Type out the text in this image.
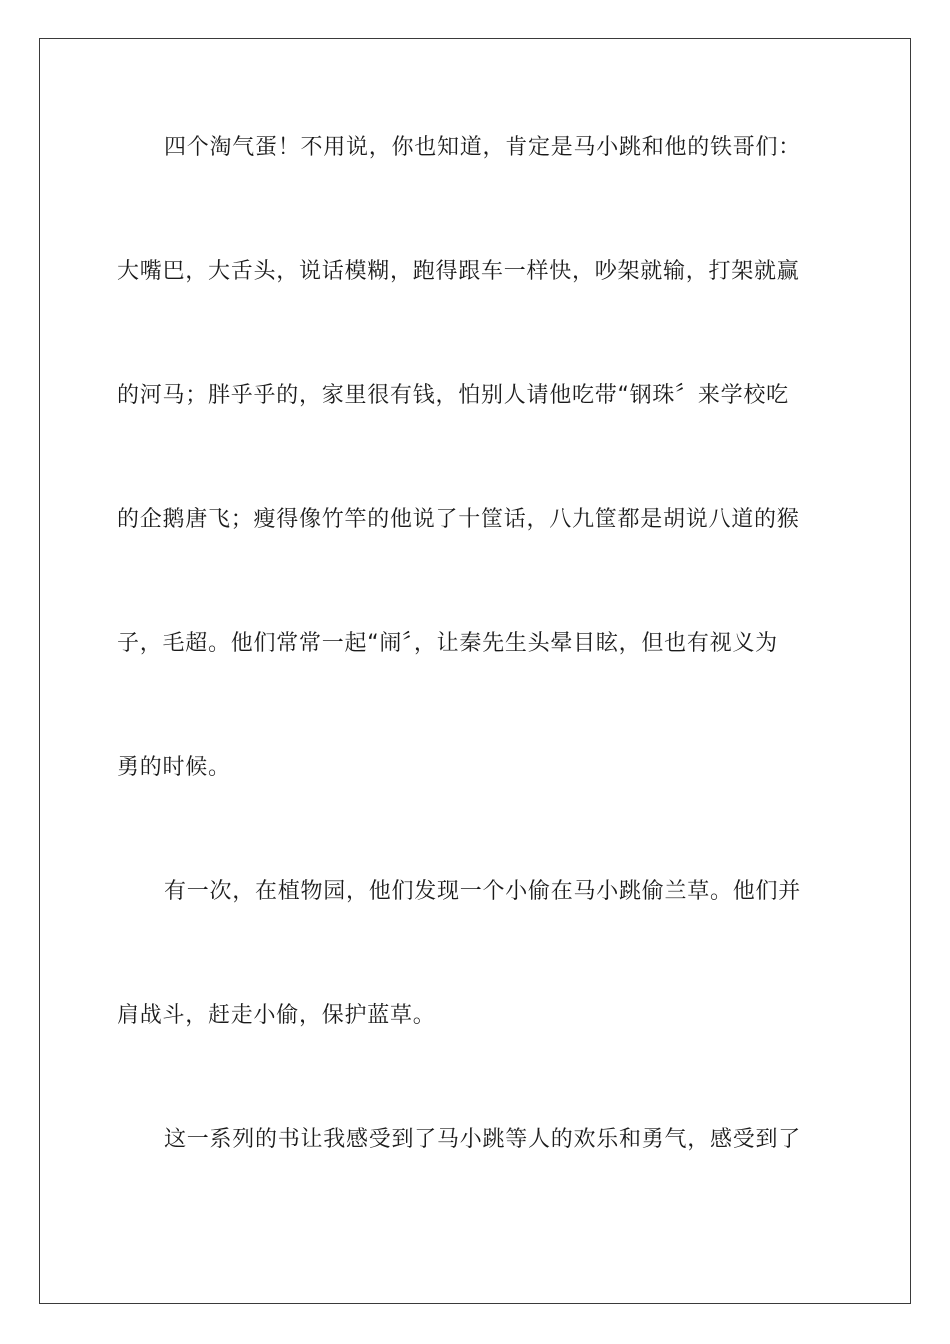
四个淘气蛋！不用说，你也知道，肯定是马小跳和他的铁哥们：
大嘴巴，大舌头，说话模糊，跑得跟车一样快，吵架就输，打架就赢
的河马；胖乎乎的，家里很有钱，怕别人请他吃带“钢珠〞来学校吃
的企鹅唐飞；瘦得像竹竿的他说了十筐话，八九筐都是胡说八道的猴
子，毛超。他们常常一起“闹〞，让秦先生头晕目眩，但也有视义为
勇的时候。
有一次，在植物园，他们发现一个小偷在马小跳偷兰草。他们并
肩战斗，赶走小偷，保护蓝草。
这一系列的书让我感受到了马小跳等人的欢乐和勇气，感受到了
